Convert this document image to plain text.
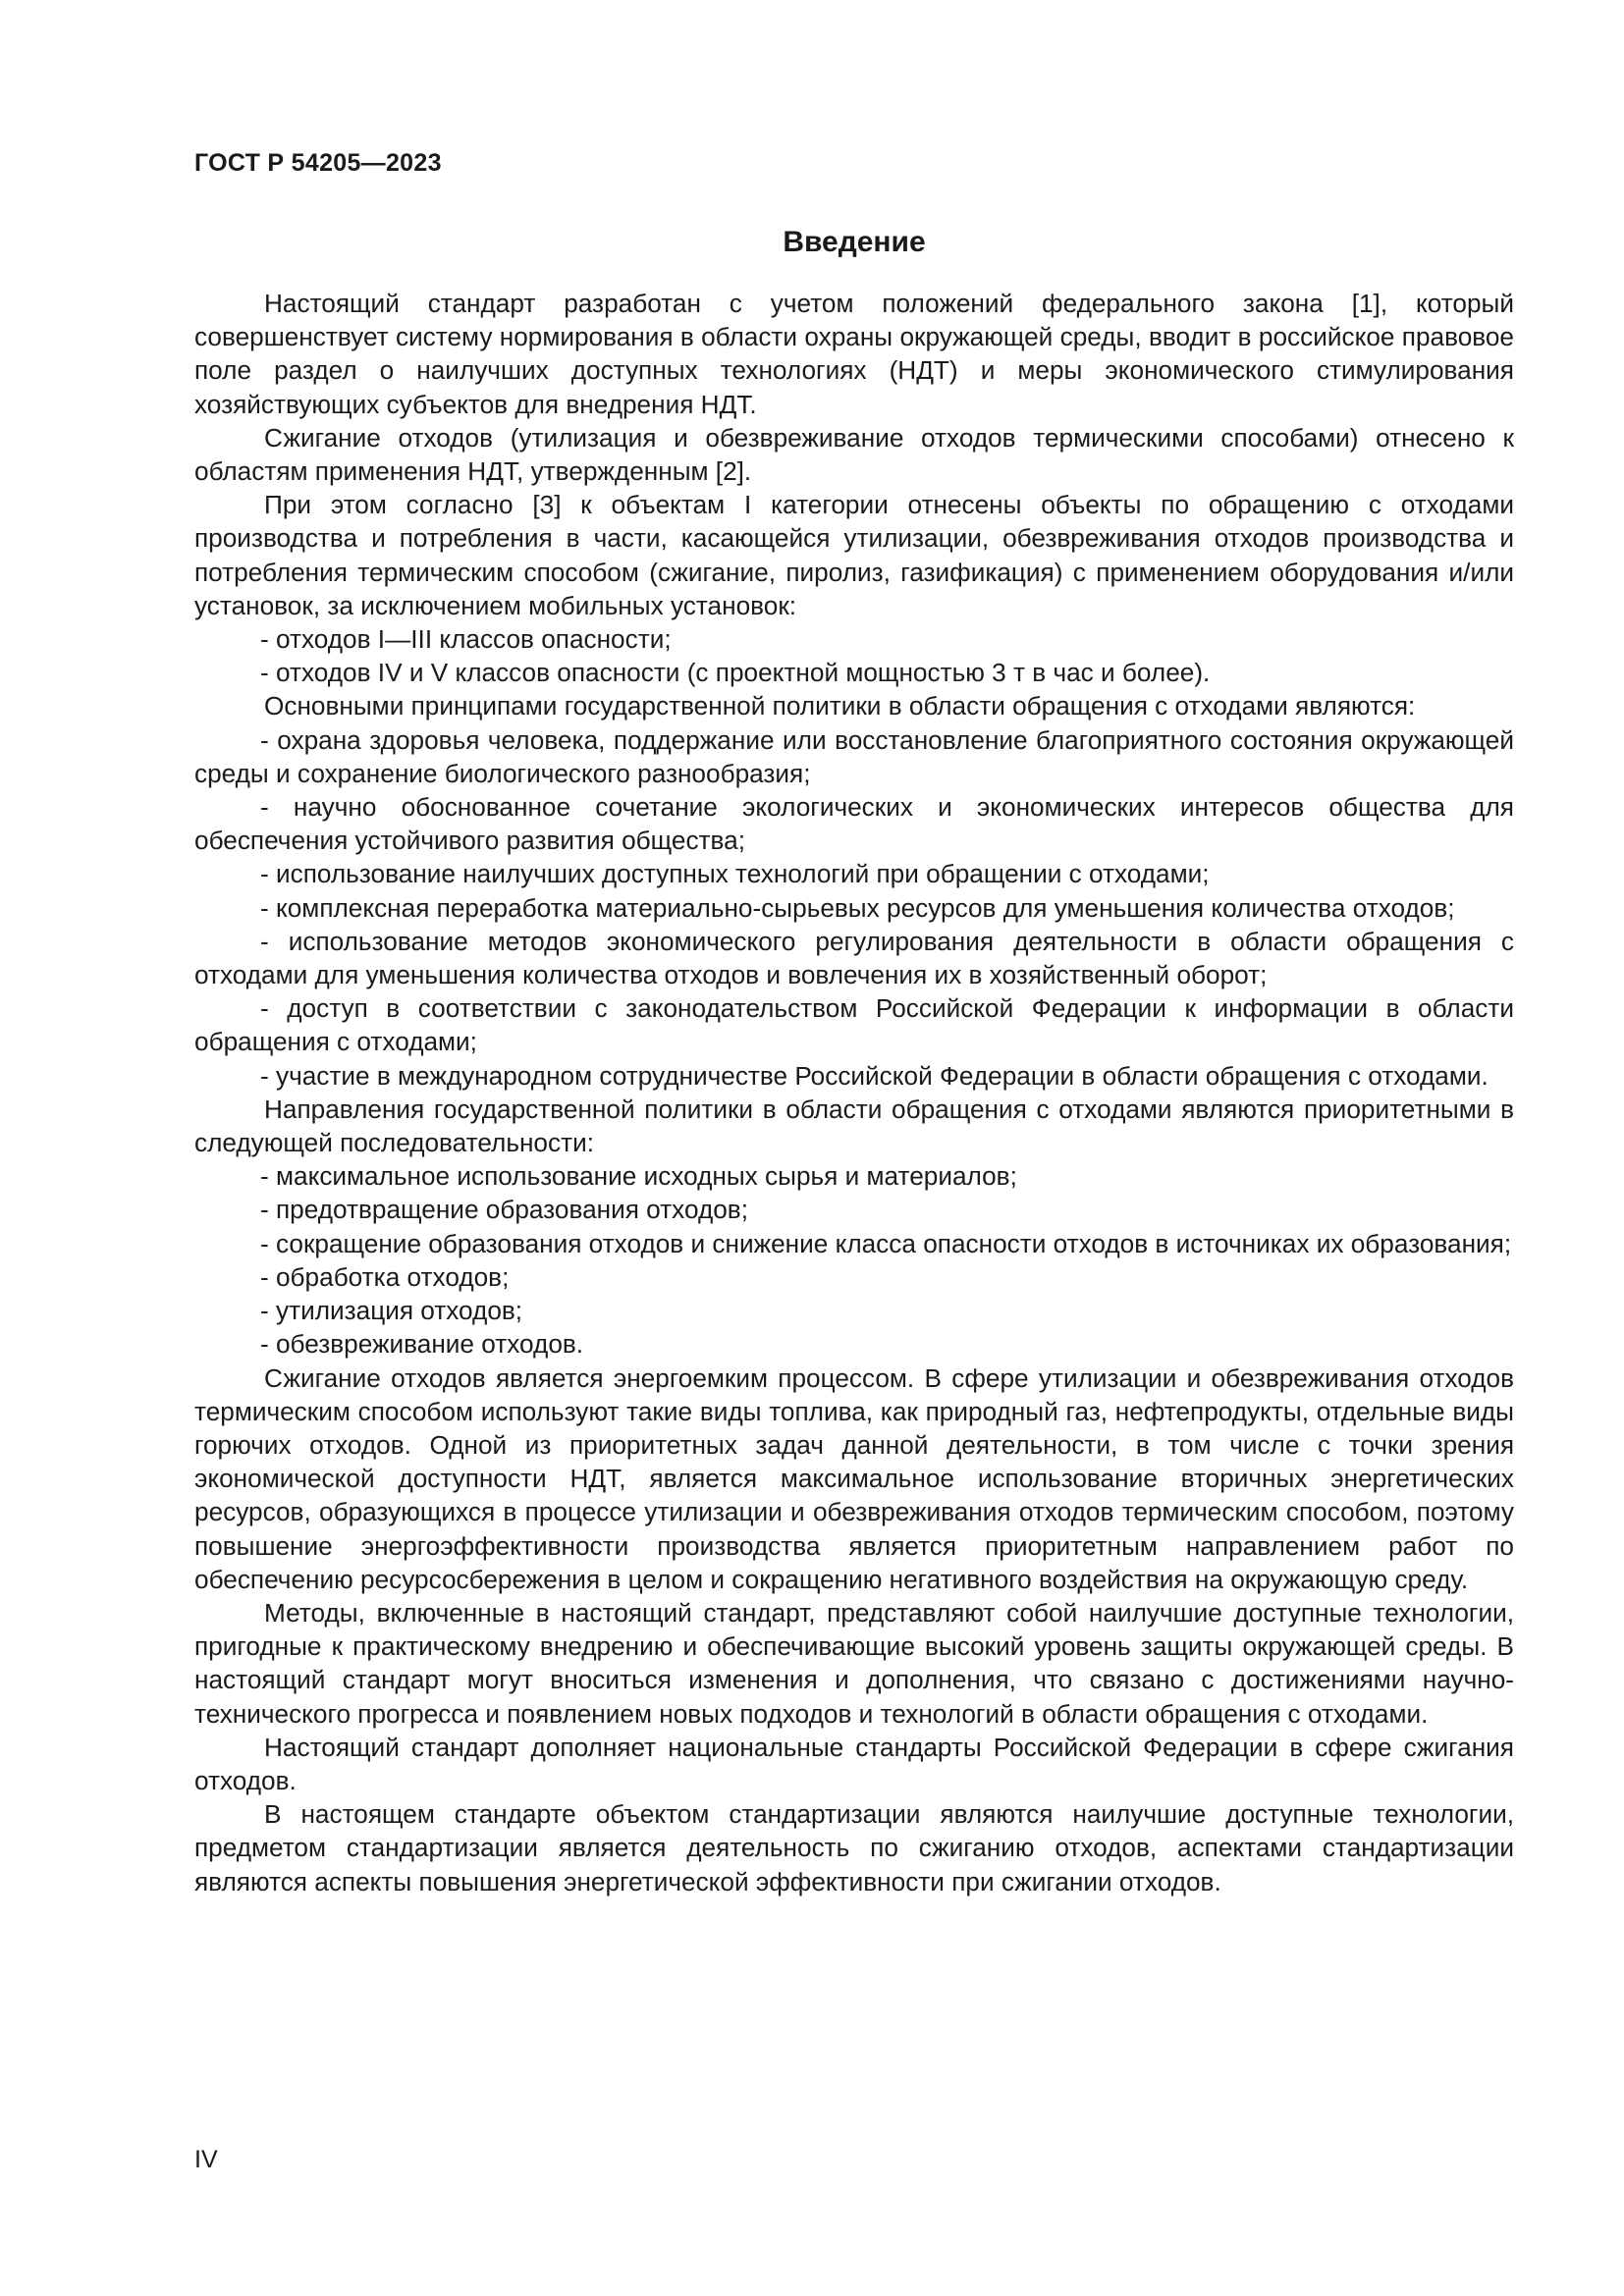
ГОСТ Р 54205—2023
Введение

Настоящий стандарт разработан с учетом положений федерального закона [1], который совершенствует систему нормирования в области охраны окружающей среды, вводит в российское правовое поле раздел о наилучших доступных технологиях (НДТ) и меры экономического стимулирования хозяйствующих субъектов для внедрения НДТ.

Сжигание отходов (утилизация и обезвреживание отходов термическими способами) отнесено к областям применения НДТ, утвержденным [2].

При этом согласно [3] к объектам I категории отнесены объекты по обращению с отходами производства и потребления в части, касающейся утилизации, обезвреживания отходов производства и потребления термическим способом (сжигание, пиролиз, газификация) с применением оборудования и/или установок, за исключением мобильных установок:

- отходов I—III классов опасности;

- отходов IV и V классов опасности (с проектной мощностью 3 т в час и более).

Основными принципами государственной политики в области обращения с отходами являются:

- охрана здоровья человека, поддержание или восстановление благоприятного состояния окружающей среды и сохранение биологического разнообразия;

- научно обоснованное сочетание экологических и экономических интересов общества для обеспечения устойчивого развития общества;

- использование наилучших доступных технологий при обращении с отходами;

- комплексная переработка материально-сырьевых ресурсов для уменьшения количества отходов;

- использование методов экономического регулирования деятельности в области обращения с отходами для уменьшения количества отходов и вовлечения их в хозяйственный оборот;

- доступ в соответствии с законодательством Российской Федерации к информации в области обращения с отходами;

- участие в международном сотрудничестве Российской Федерации в области обращения с отходами.

Направления государственной политики в области обращения с отходами являются приоритетными в следующей последовательности:

- максимальное использование исходных сырья и материалов;

- предотвращение образования отходов;

- сокращение образования отходов и снижение класса опасности отходов в источниках их образования;

- обработка отходов;

- утилизация отходов;

- обезвреживание отходов.

Сжигание отходов является энергоемким процессом. В сфере утилизации и обезвреживания отходов термическим способом используют такие виды топлива, как природный газ, нефтепродукты, отдельные виды горючих отходов. Одной из приоритетных задач данной деятельности, в том числе с точки зрения экономической доступности НДТ, является максимальное использование вторичных энергетических ресурсов, образующихся в процессе утилизации и обезвреживания отходов термическим способом, поэтому повышение энергоэффективности производства является приоритетным направлением работ по обеспечению ресурсосбережения в целом и сокращению негативного воздействия на окружающую среду.

Методы, включенные в настоящий стандарт, представляют собой наилучшие доступные технологии, пригодные к практическому внедрению и обеспечивающие высокий уровень защиты окружающей среды. В настоящий стандарт могут вноситься изменения и дополнения, что связано с достижениями научно-технического прогресса и появлением новых подходов и технологий в области обращения с отходами.

Настоящий стандарт дополняет национальные стандарты Российской Федерации в сфере сжигания отходов.

В настоящем стандарте объектом стандартизации являются наилучшие доступные технологии, предметом стандартизации является деятельность по сжиганию отходов, аспектами стандартизации являются аспекты повышения энергетической эффективности при сжигании отходов.

IV
